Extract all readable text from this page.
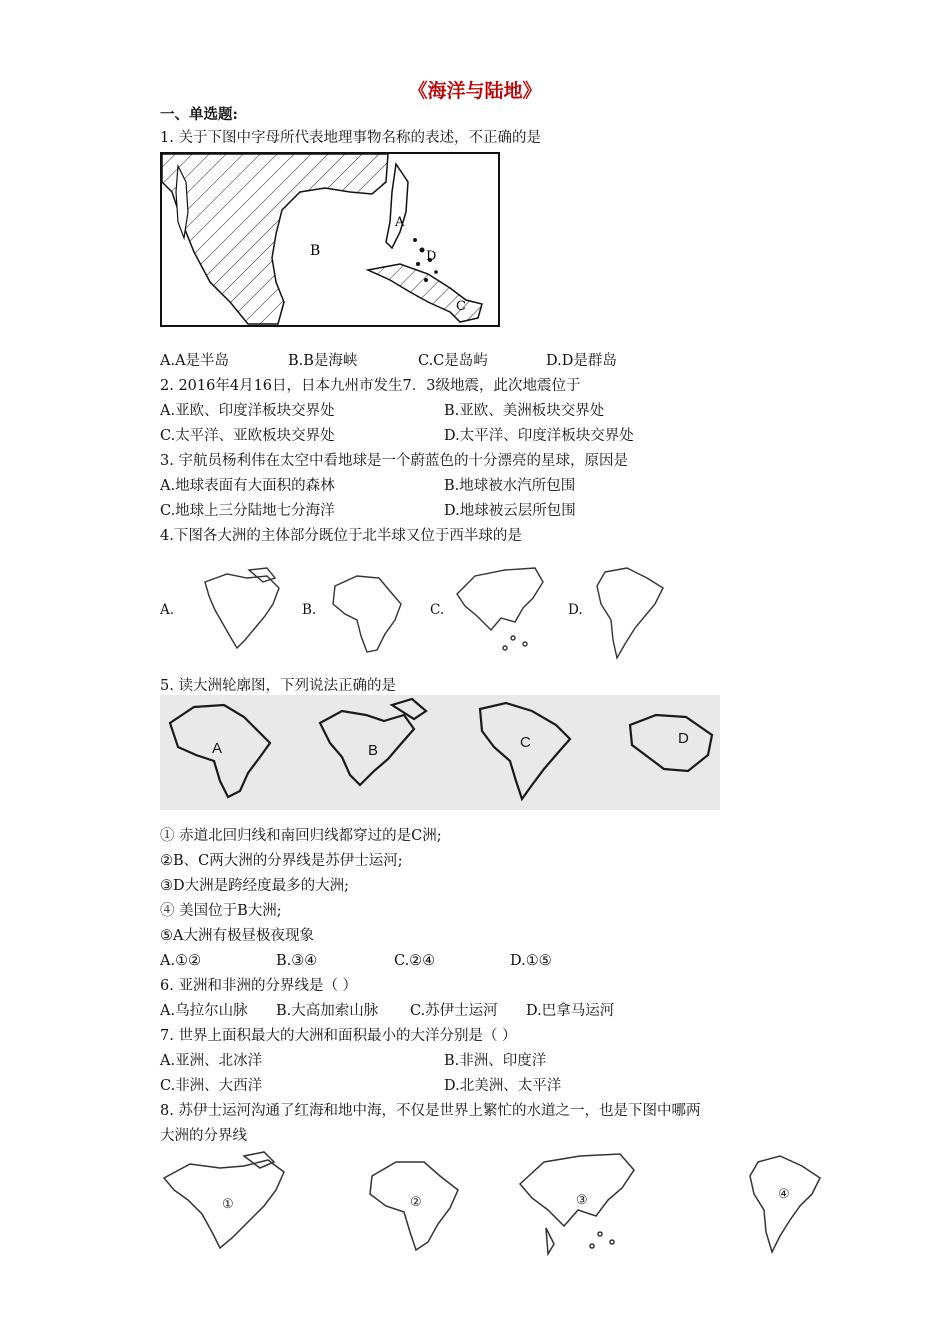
《海洋与陆地》
一、单选题:
1. 关于下图中字母所代表地理事物名称的表述，不正确的是
A
B
C
D
A.A是半岛	B.B是海峡	C.C是岛屿	D.D是群岛
2. 2016年4月16日，日本九州市发生7．3级地震，此次地震位于
A.亚欧、印度洋板块交界处	B.亚欧、美洲板块交界处
C.太平洋、亚欧板块交界处	D.太平洋、印度洋板块交界处
3. 宇航员杨利伟在太空中看地球是一个蔚蓝色的十分漂亮的星球，原因是
A.地球表面有大面积的森林	B.地球被水汽所包围
C.地球上三分陆地七分海洋	D.地球被云层所包围
4.下图各大洲的主体部分既位于北半球又位于西半球的是
A.	B.	C.	D.
5. 读大洲轮廓图，下列说法正确的是
A	B	C	D
① 赤道北回归线和南回归线都穿过的是C洲;
②B、C两大洲的分界线是苏伊士运河;
③D大洲是跨经度最多的大洲;
④ 美国位于B大洲;
⑤A大洲有极昼极夜现象
A.①②	B.③④	C.②④	D.①⑤
6. 亚洲和非洲的分界线是（ ）
A.乌拉尔山脉 B.大高加索山脉 C.苏伊士运河 D.巴拿马运河
7. 世界上面积最大的大洲和面积最小的大洋分别是（ ）
A.亚洲、北冰洋	B.非洲、印度洋
C.非洲、大西洋	D.北美洲、太平洋
8. 苏伊士运河沟通了红海和地中海，不仅是世界上繁忙的水道之一，也是下图中哪两
大洲的分界线
①	②	③	④
